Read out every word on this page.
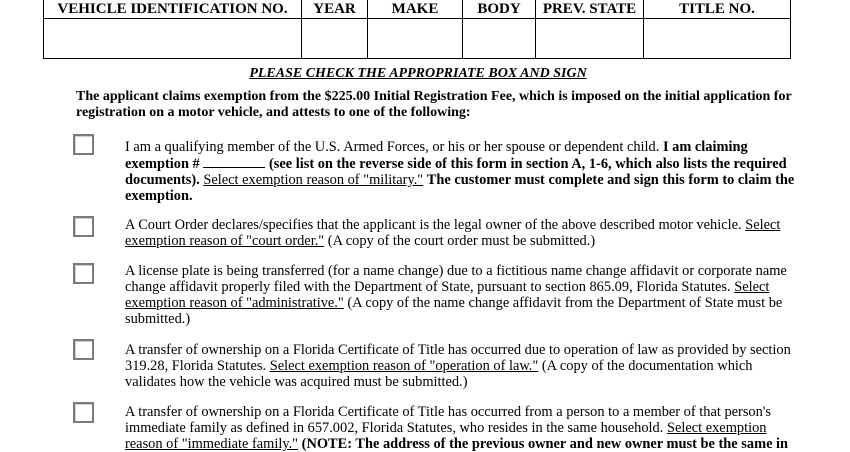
VEHICLE IDENTIFICATION NO.	YEAR	MAKE	BODY	PREV. STATE	TITLE NO.

PLEASE CHECK THE APPROPRIATE BOX AND SIGN
The applicant claims exemption from the $225.00 Initial Registration Fee, which is imposed on the initial application for registration on a motor vehicle, and attests to one of the following:
I am a qualifying member of the U.S. Armed Forces, or his or her spouse or dependent child. I am claiming exemption #	(see list on the reverse side of this form in section A, 1-6, which also lists the required documents). Select exemption reason of "military." The customer must complete and sign this form to claim the exemption.
A Court Order declares/specifies that the applicant is the legal owner of the above described motor vehicle. Select exemption reason of "court order." (A copy of the court order must be submitted.)
A license plate is being transferred (for a name change) due to a fictitious name change affidavit or corporate name change affidavit properly filed with the Department of State, pursuant to section 865.09, Florida Statutes. Select exemption reason of "administrative." (A copy of the name change affidavit from the Department of State must be submitted.)
A transfer of ownership on a Florida Certificate of Title has occurred due to operation of law as provided by section 319.28, Florida Statutes. Select exemption reason of "operation of law." (A copy of the documentation which validates how the vehicle was acquired must be submitted.)
A transfer of ownership on a Florida Certificate of Title has occurred from a person to a member of that person's immediate family as defined in 657.002, Florida Statutes, who resides in the same household. Select exemption reason of "immediate family." (NOTE: The address of the previous owner and new owner must be the same in
